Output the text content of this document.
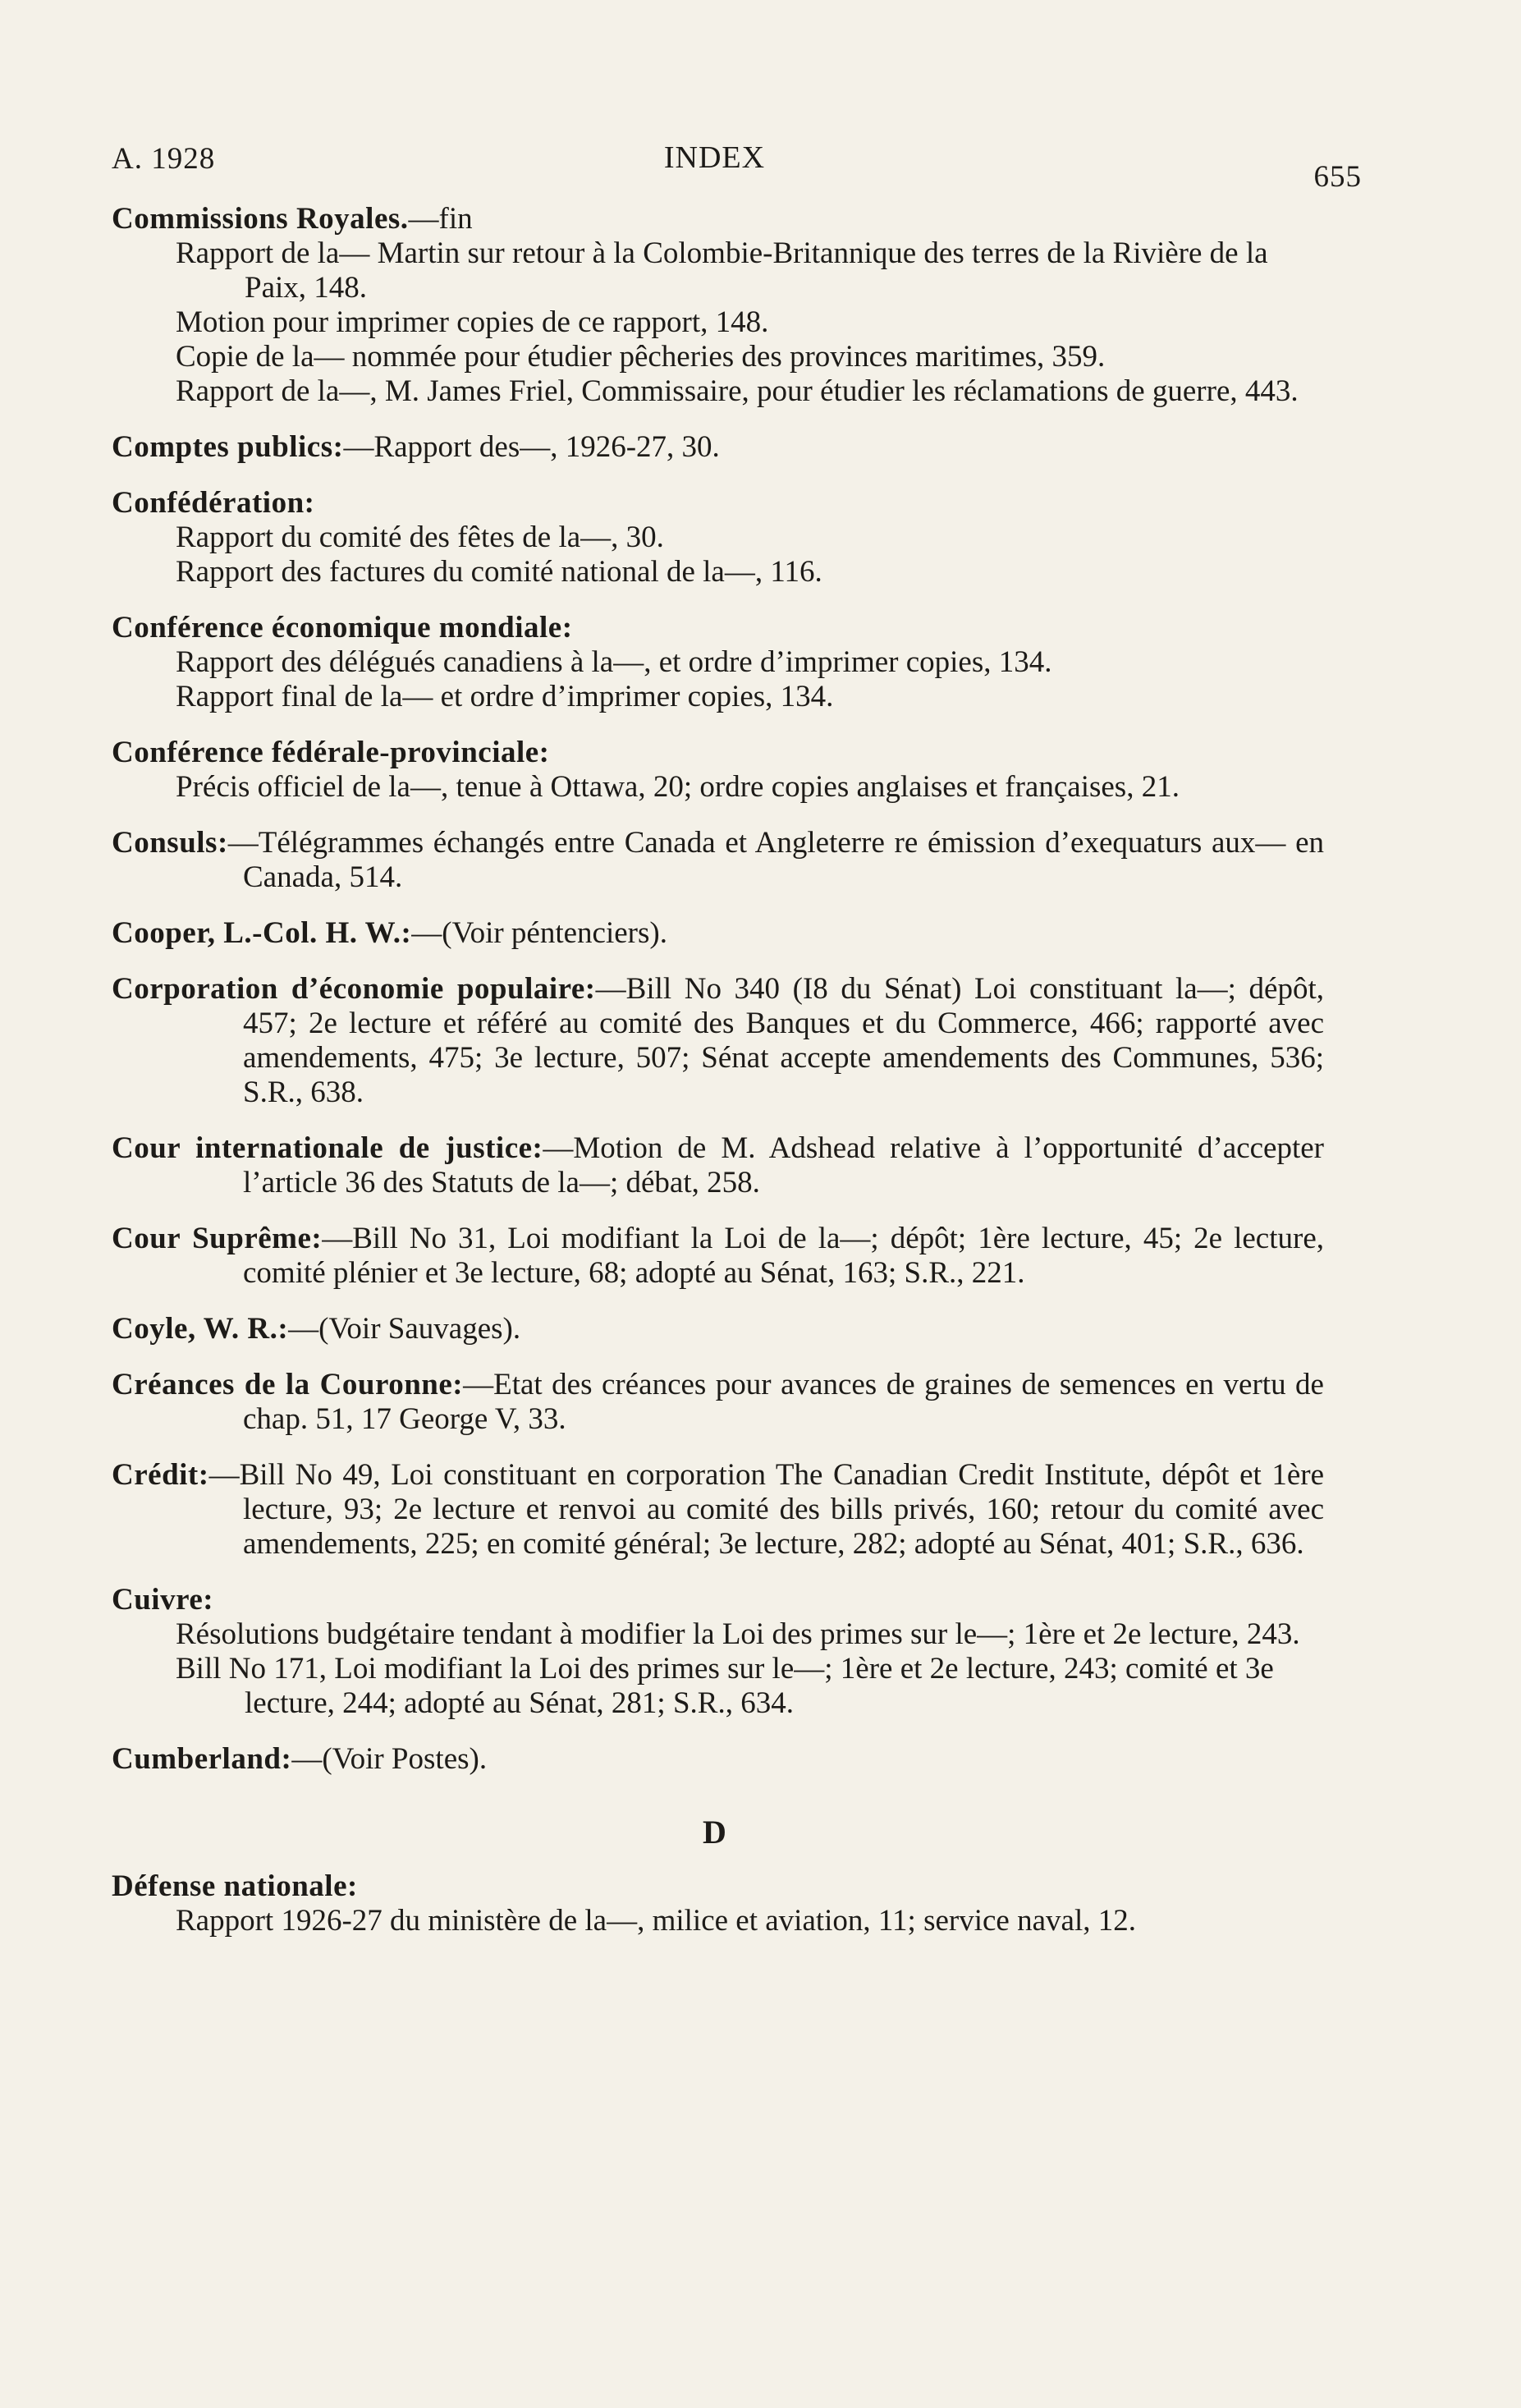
A. 1928	INDEX
655
Commissions Royales.—fin
Rapport de la— Martin sur retour à la Colombie-Britannique des terres de la Rivière de la Paix, 148.
Motion pour imprimer copies de ce rapport, 148.
Copie de la— nommée pour étudier pêcheries des provinces maritimes, 359.
Rapport de la—, M. James Friel, Commissaire, pour étudier les réclamations de guerre, 443.
Comptes publics:—Rapport des—, 1926-27, 30.
Confédération:
Rapport du comité des fêtes de la—, 30.
Rapport des factures du comité national de la—, 116.
Conférence économique mondiale:
Rapport des délégués canadiens à la—, et ordre d’imprimer copies, 134.
Rapport final de la— et ordre d’imprimer copies, 134.
Conférence fédérale-provinciale:
Précis officiel de la—, tenue à Ottawa, 20; ordre copies anglaises et françaises, 21.
Consuls:—Télégrammes échangés entre Canada et Angleterre re émission d’exequaturs aux— en Canada, 514.
Cooper, L.-Col. H. W.:—(Voir péntenciers).
Corporation d’économie populaire:—Bill No 340 (I8 du Sénat) Loi constituant la—; dépôt, 457; 2e lecture et référé au comité des Banques et du Commerce, 466; rapporté avec amendements, 475; 3e lecture, 507; Sénat accepte amendements des Communes, 536; S.R., 638.
Cour internationale de justice:—Motion de M. Adshead relative à l’opportunité d’accepter l’article 36 des Statuts de la—; débat, 258.
Cour Suprême:—Bill No 31, Loi modifiant la Loi de la—; dépôt; 1ère lecture, 45; 2e lecture, comité plénier et 3e lecture, 68; adopté au Sénat, 163; S.R., 221.
Coyle, W. R.:—(Voir Sauvages).
Créances de la Couronne:—Etat des créances pour avances de graines de semences en vertu de chap. 51, 17 George V, 33.
Crédit:—Bill No 49, Loi constituant en corporation The Canadian Credit Institute, dépôt et 1ère lecture, 93; 2e lecture et renvoi au comité des bills privés, 160; retour du comité avec amendements, 225; en comité général; 3e lecture, 282; adopté au Sénat, 401; S.R., 636.
Cuivre:
Résolutions budgétaire tendant à modifier la Loi des primes sur le—; 1ère et 2e lecture, 243.
Bill No 171, Loi modifiant la Loi des primes sur le—; 1ère et 2e lecture, 243; comité et 3e lecture, 244; adopté au Sénat, 281; S.R., 634.
Cumberland:—(Voir Postes).
D
Défense nationale:
Rapport 1926-27 du ministère de la—, milice et aviation, 11; service naval, 12.
